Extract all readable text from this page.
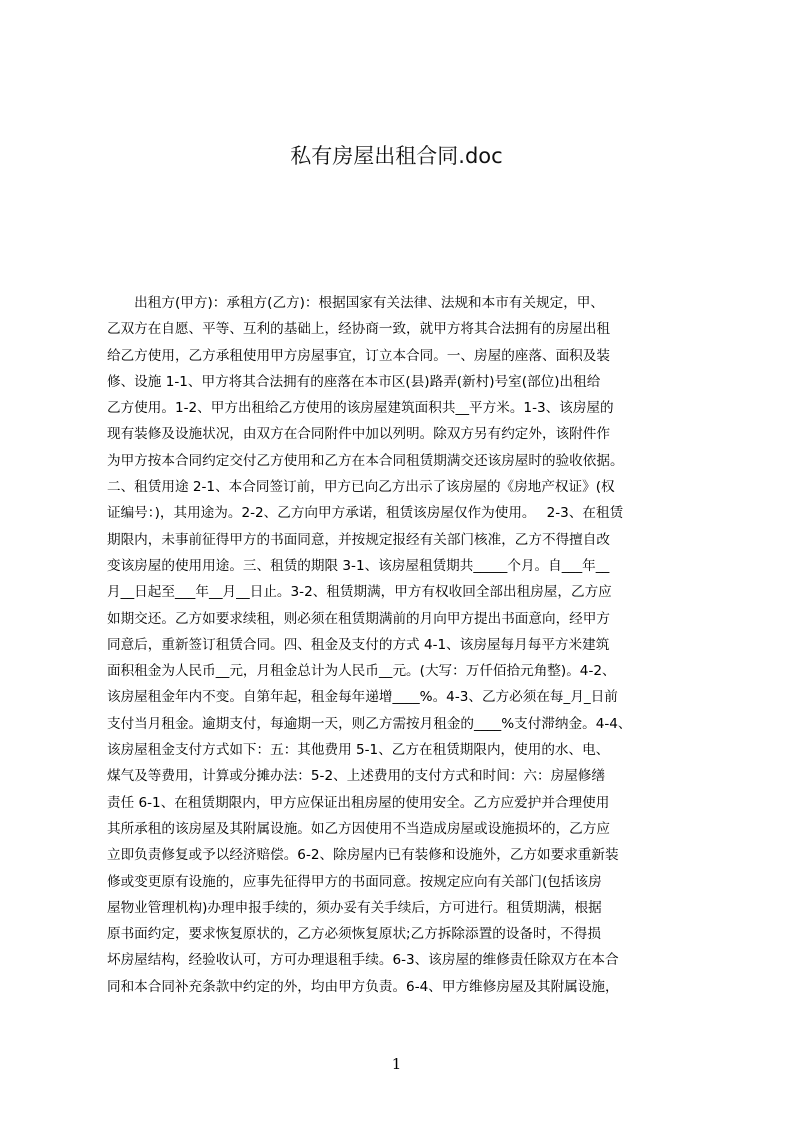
私有房屋出租合同.doc
　　出租方(甲方)：承租方(乙方)：根据国家有关法律、法规和本市有关规定，甲、
乙双方在自愿、平等、互利的基础上，经协商一致，就甲方将其合法拥有的房屋出租
给乙方使用，乙方承租使用甲方房屋事宜，订立本合同。一、房屋的座落、面积及装
修、设施 1-1、甲方将其合法拥有的座落在本市区(县)路弄(新村)号室(部位)出租给
乙方使用。1-2、甲方出租给乙方使用的该房屋建筑面积共__平方米。1-3、该房屋的
现有装修及设施状况，由双方在合同附件中加以列明。除双方另有约定外，该附件作
为甲方按本合同约定交付乙方使用和乙方在本合同租赁期满交还该房屋时的验收依据。
二、租赁用途 2-1、本合同签订前，甲方已向乙方出示了该房屋的《房地产权证》(权
证编号：)，其用途为。2-2、乙方向甲方承诺，租赁该房屋仅作为使用。　 2-3、在租赁
期限内，未事前征得甲方的书面同意，并按规定报经有关部门核准，乙方不得擅自改
变该房屋的使用用途。三、租赁的期限 3-1、该房屋租赁期共_____个月。自___年__
月__日起至___年__月__日止。3-2、租赁期满，甲方有权收回全部出租房屋，乙方应
如期交还。乙方如要求续租，则必须在租赁期满前的月向甲方提出书面意向，经甲方
同意后，重新签订租赁合同。四、租金及支付的方式 4-1、该房屋每月每平方米建筑
面积租金为人民币__元，月租金总计为人民币__元。(大写：万仟佰拾元角整)。4-2、
该房屋租金年内不变。自第年起，租金每年递增____%。4-3、乙方必须在每_月_日前
支付当月租金。逾期支付，每逾期一天，则乙方需按月租金的____%支付滞纳金。4-4、
该房屋租金支付方式如下：五：其他费用 5-1、乙方在租赁期限内，使用的水、电、
煤气及等费用，计算或分摊办法：5-2、上述费用的支付方式和时间：六：房屋修缮
责任 6-1、在租赁期限内，甲方应保证出租房屋的使用安全。乙方应爱护并合理使用
其所承租的该房屋及其附属设施。如乙方因使用不当造成房屋或设施损坏的，乙方应
立即负责修复或予以经济赔偿。6-2、除房屋内已有装修和设施外，乙方如要求重新装
修或变更原有设施的，应事先征得甲方的书面同意。按规定应向有关部门(包括该房
屋物业管理机构)办理申报手续的，须办妥有关手续后，方可进行。租赁期满，根据
原书面约定，要求恢复原状的，乙方必须恢复原状;乙方拆除添置的设备时，不得损
坏房屋结构，经验收认可，方可办理退租手续。6-3、该房屋的维修责任除双方在本合
同和本合同补充条款中约定的外，均由甲方负责。6-4、甲方维修房屋及其附属设施，
1
